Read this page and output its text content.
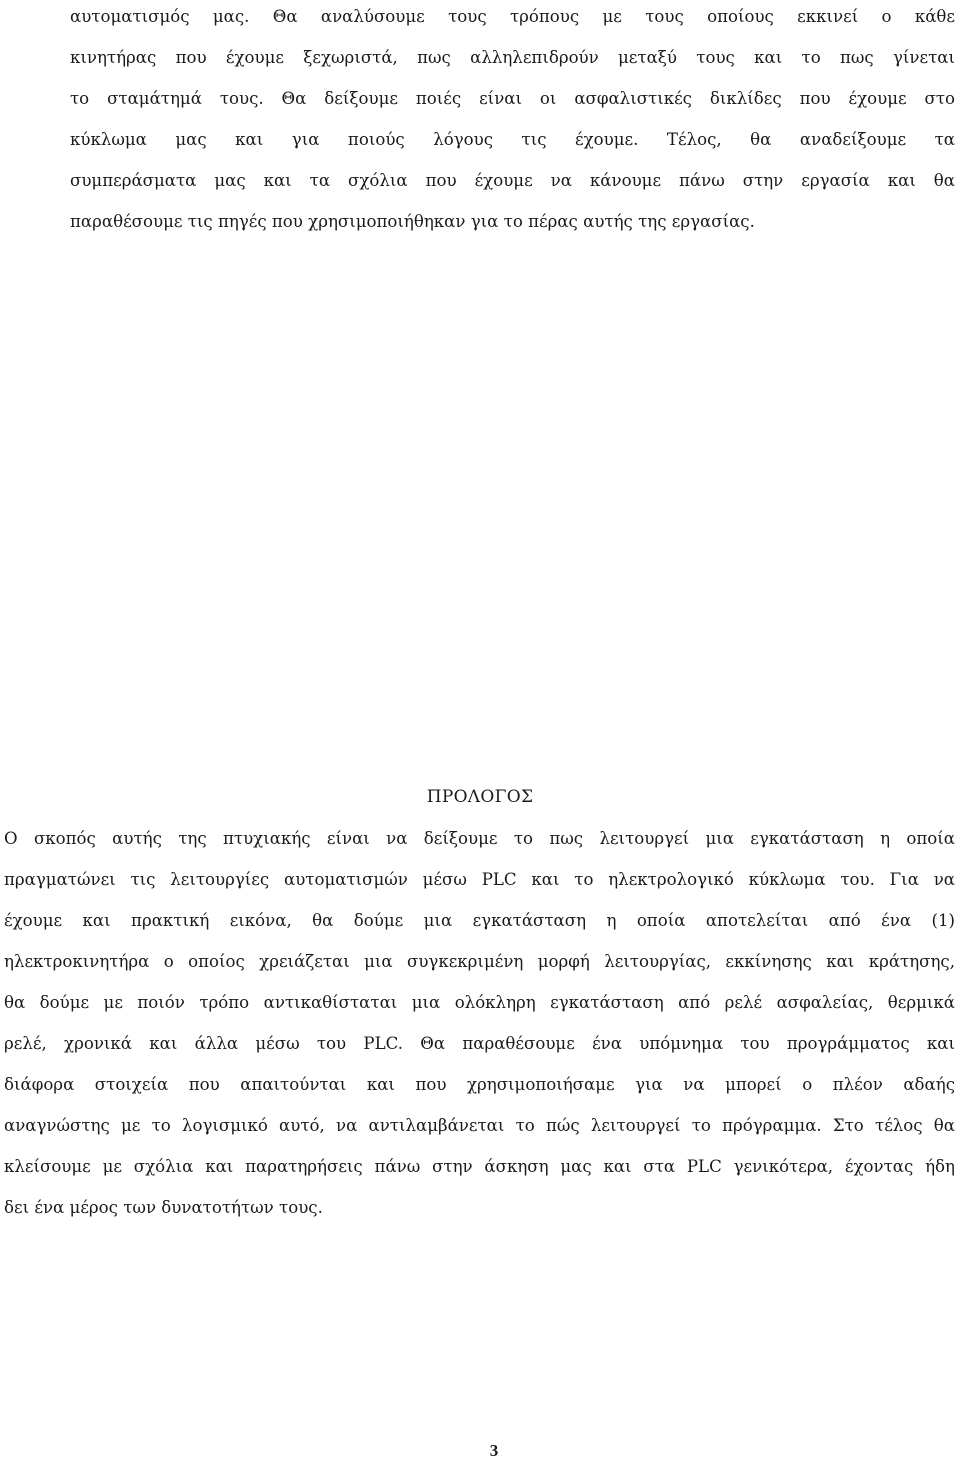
αυτοματισμός μας. Θα αναλύσουμε τους τρόπους με τους οποίους εκκινεί ο κάθε
κινητήρας που έχουμε ξεχωριστά, πως αλληλεπιδρούν μεταξύ τους και το πως γίνεται
το σταμάτημά τους. Θα δείξουμε ποιές είναι οι ασφαλιστικές δικλίδες που έχουμε στο
κύκλωμα μας και για ποιούς λόγους τις έχουμε. Τέλος, θα αναδείξουμε τα
συμπεράσματα μας και τα σχόλια που έχουμε να κάνουμε πάνω στην εργασία και θα
παραθέσουμε τις πηγές που χρησιμοποιήθηκαν για το πέρας αυτής της εργασίας.

ΠΡΟΛΟΓΟΣ

Ο σκοπός αυτής της πτυχιακής είναι να δείξουμε το πως λειτουργεί μια εγκατάσταση η οποία
πραγματώνει τις λειτουργίες αυτοματισμών μέσω PLC και το ηλεκτρολογικό κύκλωμα του. Για να
έχουμε και πρακτική εικόνα, θα δούμε μια εγκατάσταση η οποία αποτελείται από ένα (1)
ηλεκτροκινητήρα ο οποίος χρειάζεται μια συγκεκριμένη μορφή λειτουργίας, εκκίνησης και κράτησης,
θα δούμε με ποιόν τρόπο αντικαθίσταται μια ολόκληρη εγκατάσταση από ρελέ ασφαλείας, θερμικά
ρελέ, χρονικά και άλλα μέσω του PLC. Θα παραθέσουμε ένα υπόμνημα του προγράμματος και
διάφορα στοιχεία που απαιτούνται και που χρησιμοποιήσαμε για να μπορεί ο πλέον αδαής
αναγνώστης με το λογισμικό αυτό, να αντιλαμβάνεται το πώς λειτουργεί το πρόγραμμα. Στο τέλος θα
κλείσουμε με σχόλια και παρατηρήσεις πάνω στην άσκηση μας και στα PLC γενικότερα, έχοντας ήδη
δει ένα μέρος των δυνατοτήτων τους.

3
